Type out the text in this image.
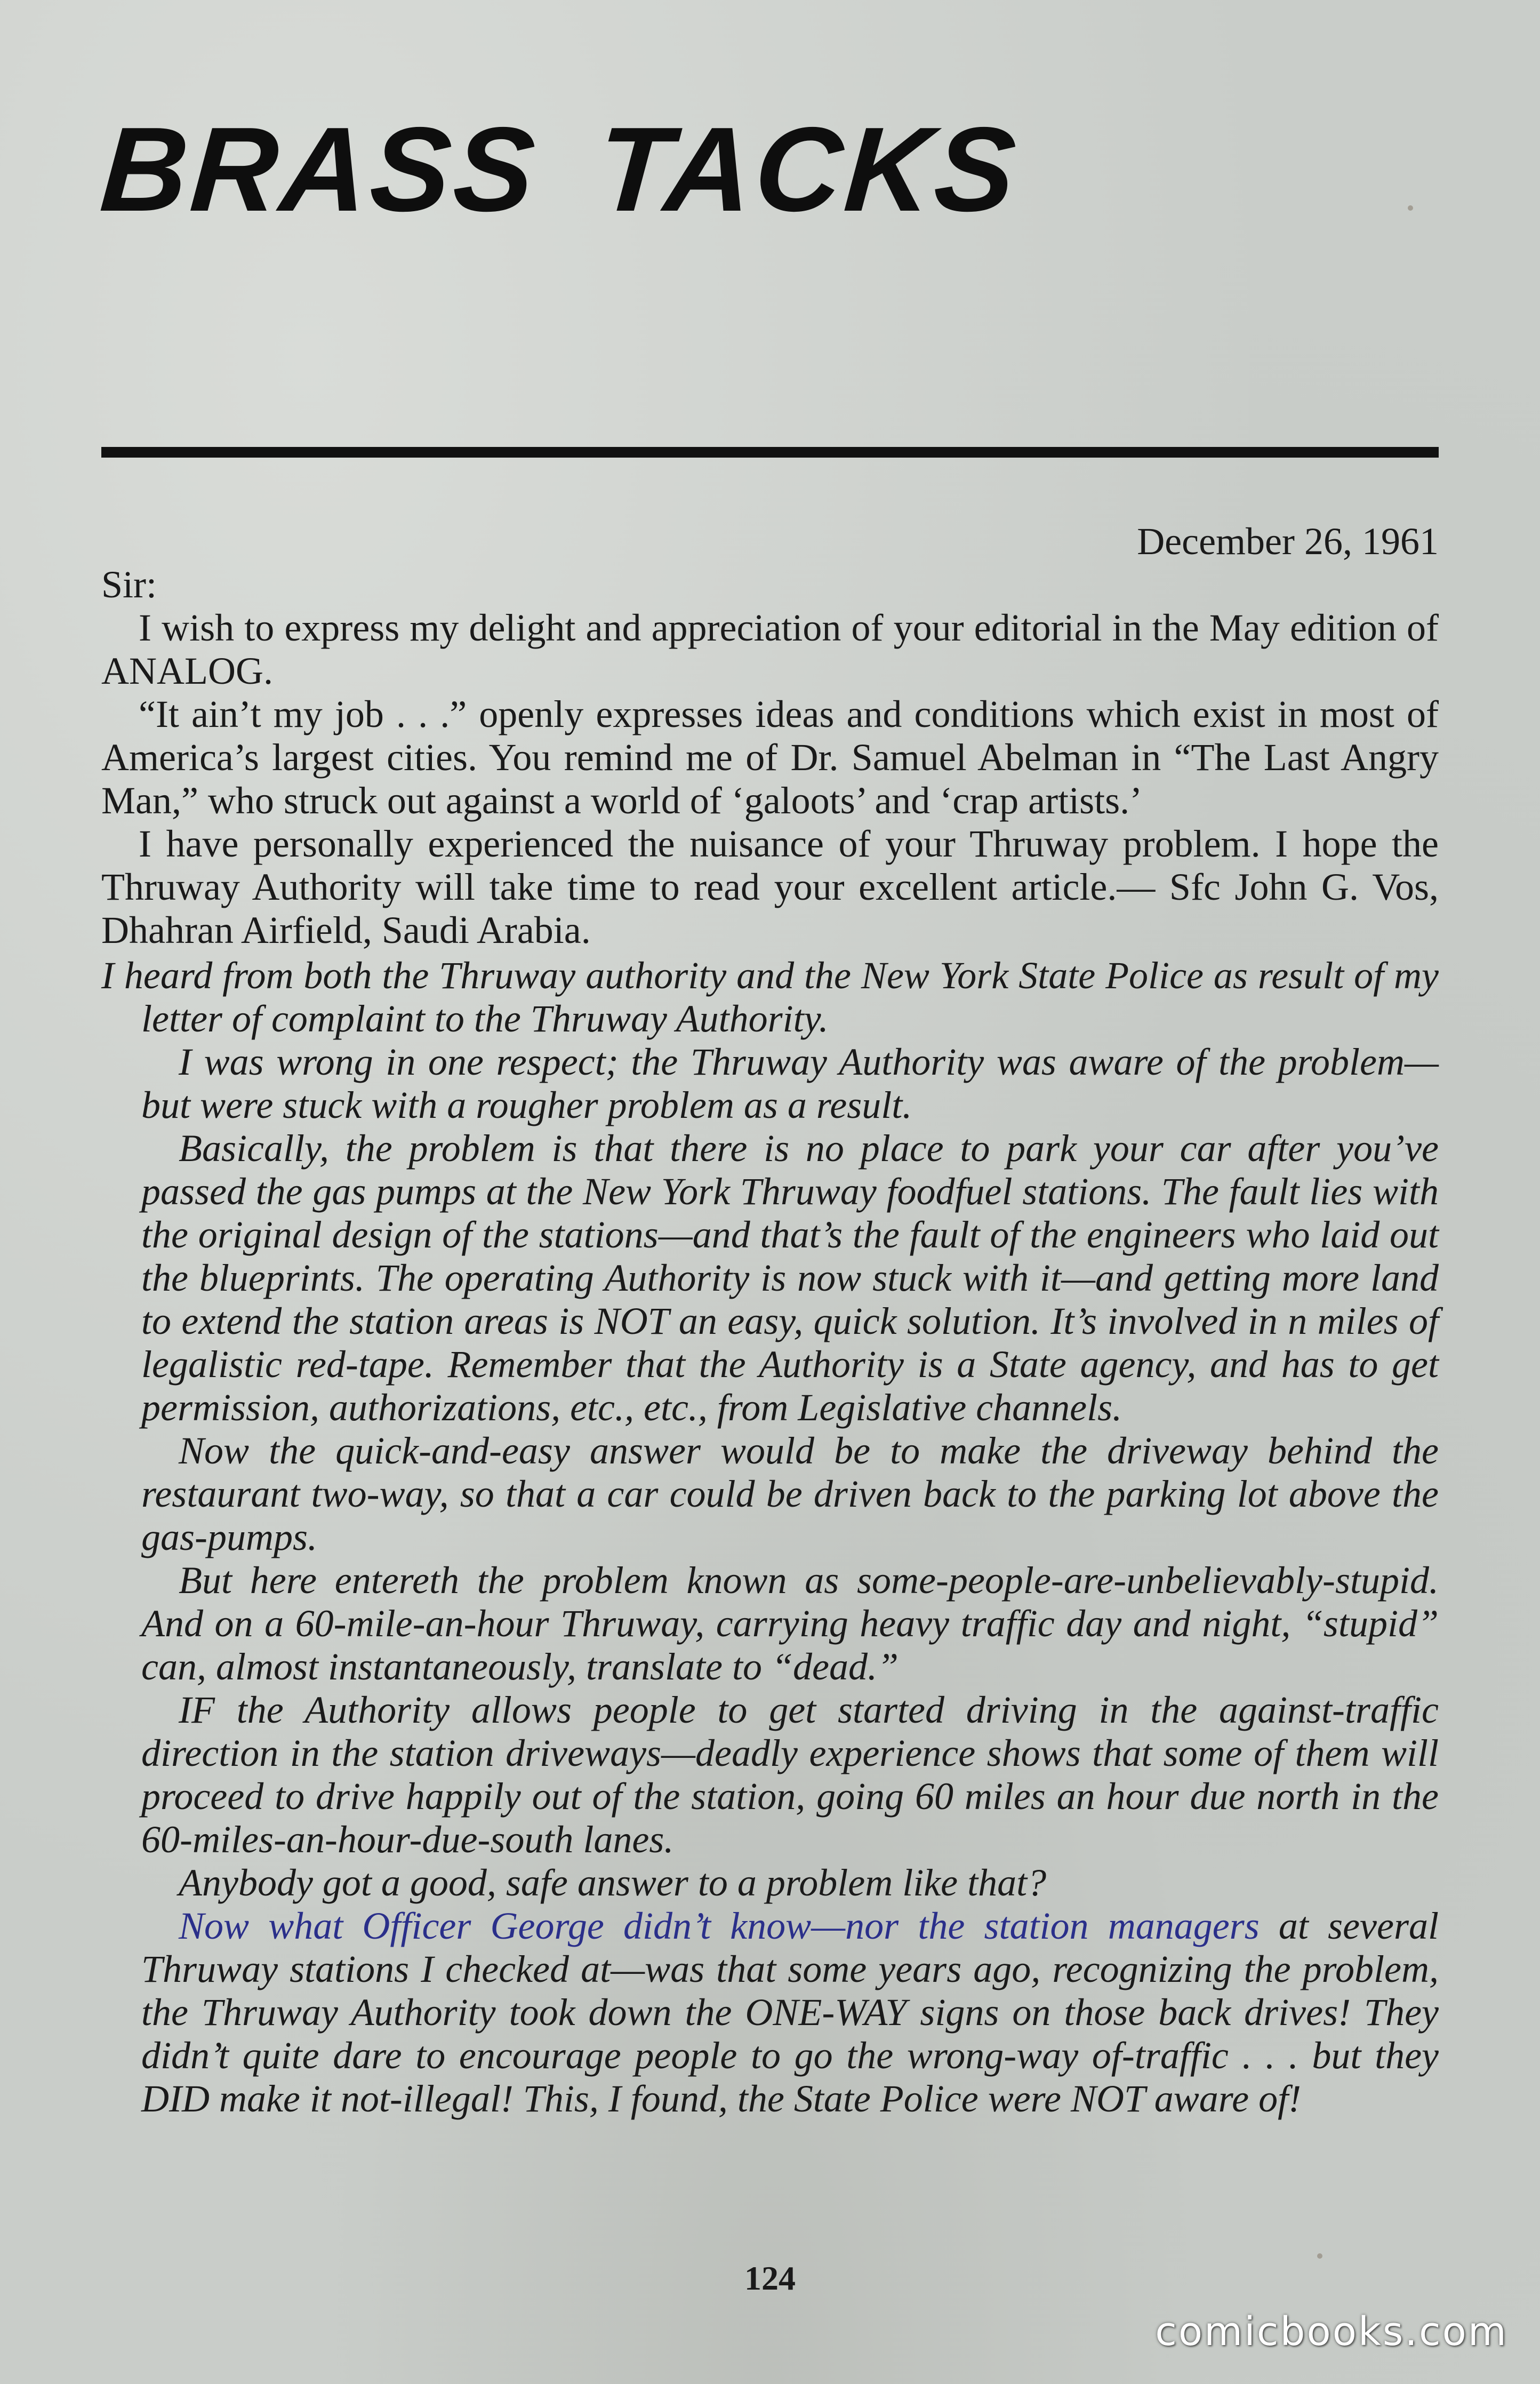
BRASS TACKS

December 26, 1961

Sir:

I wish to express my delight and appreciation of your editorial in the May edition of ANALOG.

“It ain’t my job . . .” openly expresses ideas and conditions which exist in most of America’s largest cities. You remind me of Dr. Samuel Abelman in “The Last Angry Man,” who struck out against a world of ‘galoots’ and ‘crap artists.’

I have personally experienced the nuisance of your Thruway problem. I hope the Thruway Authority will take time to read your excellent article.— Sfc John G. Vos, Dhahran Airfield, Saudi Arabia.

I heard from both the Thruway authority and the New York State Police as result of my letter of complaint to the Thruway Authority.

I was wrong in one respect; the Thruway Authority was aware of the problem—but were stuck with a rougher problem as a result.

Basically, the problem is that there is no place to park your car after you’ve passed the gas pumps at the New York Thruway foodfuel stations. The fault lies with the original design of the stations—and that’s the fault of the engineers who laid out the blueprints. The operating Authority is now stuck with it—and getting more land to extend the station areas is NOT an easy, quick solution. It’s involved in n miles of legalistic red-tape. Remember that the Authority is a State agency, and has to get permission, authorizations, etc., etc., from Legislative channels.

Now the quick-and-easy answer would be to make the driveway behind the restaurant two-way, so that a car could be driven back to the parking lot above the gas-pumps.

But here entereth the problem known as some-people-are-unbelievably-stupid. And on a 60-mile-an-hour Thruway, carrying heavy traffic day and night, “stupid” can, almost instantaneously, translate to “dead.”

IF the Authority allows people to get started driving in the against-traffic direction in the station driveways—deadly experience shows that some of them will proceed to drive happily out of the station, going 60 miles an hour due north in the 60-miles-an-hour-due-south lanes.

Anybody got a good, safe answer to a problem like that?

Now what Officer George didn’t know—nor the station managers at several Thruway stations I checked at—was that some years ago, recognizing the problem, the Thruway Authority took down the ONE-WAY signs on those back drives! They didn’t quite dare to encourage people to go the wrong-way of-traffic . . . but they DID make it not-illegal! This, I found, the State Police were NOT aware of!

124

comicbooks.com
